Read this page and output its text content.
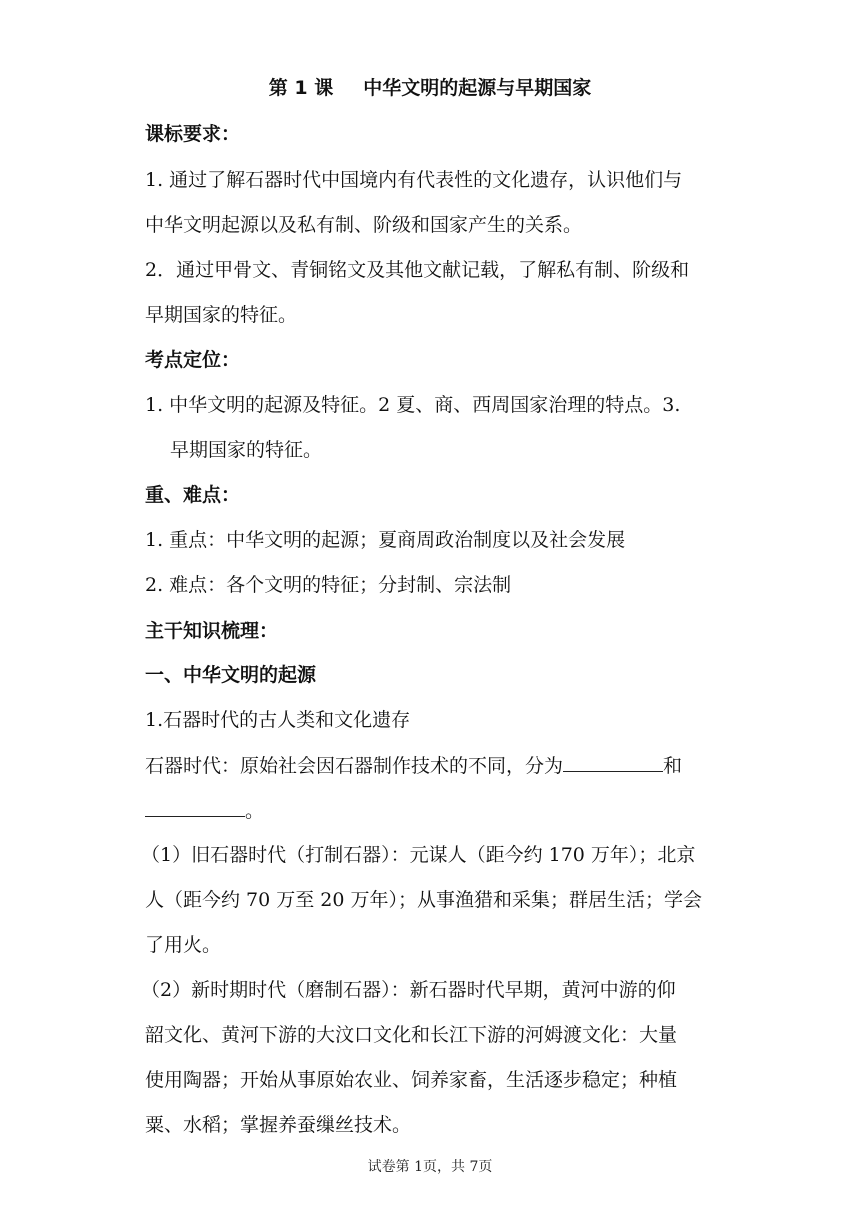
第 1 课 中华文明的起源与早期国家
课标要求：
1. 通过了解石器时代中国境内有代表性的文化遗存，认识他们与
中华文明起源以及私有制、阶级和国家产生的关系。
2．通过甲骨文、青铜铭文及其他文献记载，了解私有制、阶级和
早期国家的特征。
考点定位：
1. 中华文明的起源及特征。2 夏、商、西周国家治理的特点。3.
早期国家的特征。
重、难点：
1. 重点：中华文明的起源；夏商周政治制度以及社会发展
2. 难点：各个文明的特征；分封制、宗法制
主干知识梳理：
一、中华文明的起源
1.石器时代的古人类和文化遗存
石器时代：原始社会因石器制作技术的不同，分为	和
。
（1）旧石器时代（打制石器）：元谋人（距今约 170 万年）；北京
人（距今约 70 万至 20 万年）；从事渔猎和采集；群居生活；学会
了用火。
（2）新时期时代（磨制石器）：新石器时代早期，黄河中游的仰
韶文化、黄河下游的大汶口文化和长江下游的河姆渡文化：大量
使用陶器；开始从事原始农业、饲养家畜，生活逐步稳定；种植
粟、水稻；掌握养蚕缫丝技术。
试卷第 1页，共 7页
